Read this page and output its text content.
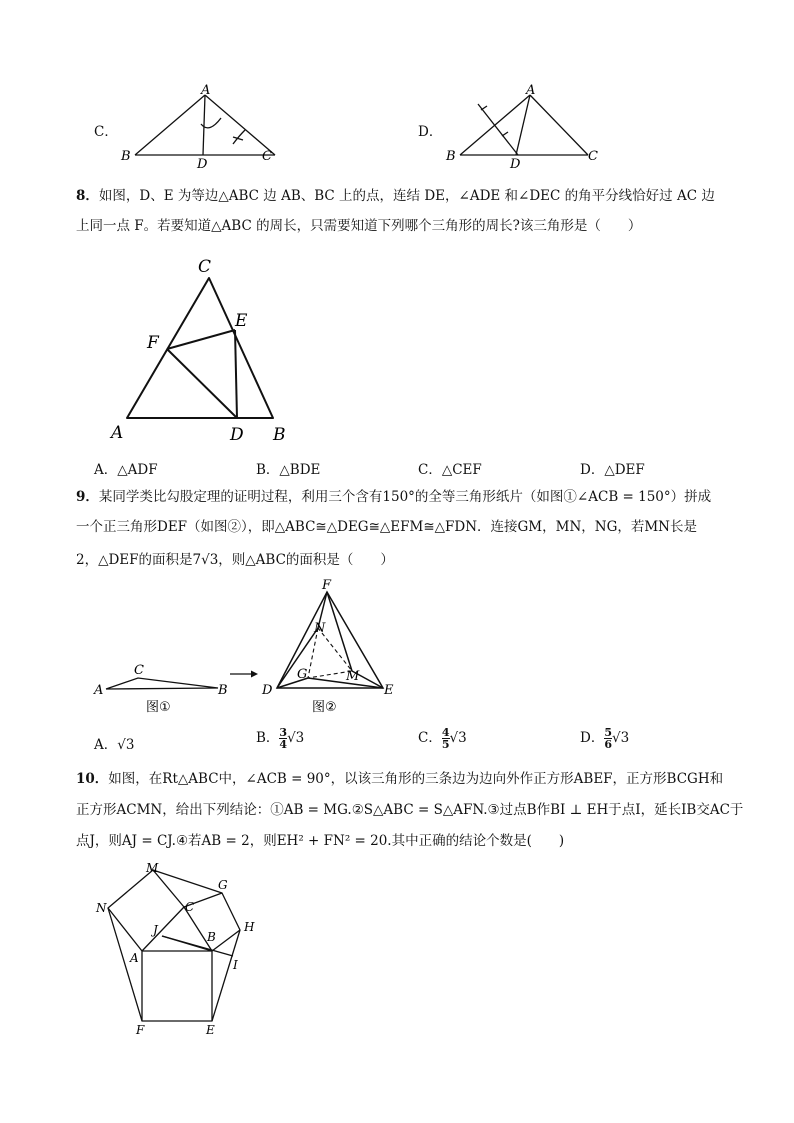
C．
A
B
D
C
D．
A
B
D
C
8．如图，D、E 为等边△ABC 边 AB、BC 上的点，连结 DE，∠ADE 和∠DEC 的角平分线恰好过 AC 边
上同一点 F。若要知道△ABC 的周长，只需要知道下列哪个三角形的周长?该三角形是（　　）
C
E
F
A	D B
A．△ADF	B．△BDE	C．△CEF	D．△DEF
9．某同学类比勾股定理的证明过程，利用三个含有150°的全等三角形纸片（如图①∠ACB = 150°）拼成
一个正三角形DEF（如图②），即△ABC≅△DEG≅△EFM≅△FDN．连接GM，MN，NG，若MN长是
2，△DEF的面积是7√3，则△ABC的面积是（　　）
A
C
B
图①
F
N
G	M
D	E
图②
A．√3	B． $\frac{3}{4} √3$	C． $\frac{4}{5} √3$	D． $\frac{5}{6} √3$
10．如图，在Rt△ABC中，∠ACB = 90°，以该三角形的三条边为边向外作正方形ABEF，正方形BCGH和
正方形ACMN，给出下列结论：①AB = MG.②S△ABC = S△AFN.③过点B作BI ⊥ EH于点I，延长IB交AC于
点J，则AJ = CJ.④若AB = 2，则EH² + FN² = 20.其中正确的结论个数是(　　)
M
G
N	C
J	B
H
A	I
F	E
